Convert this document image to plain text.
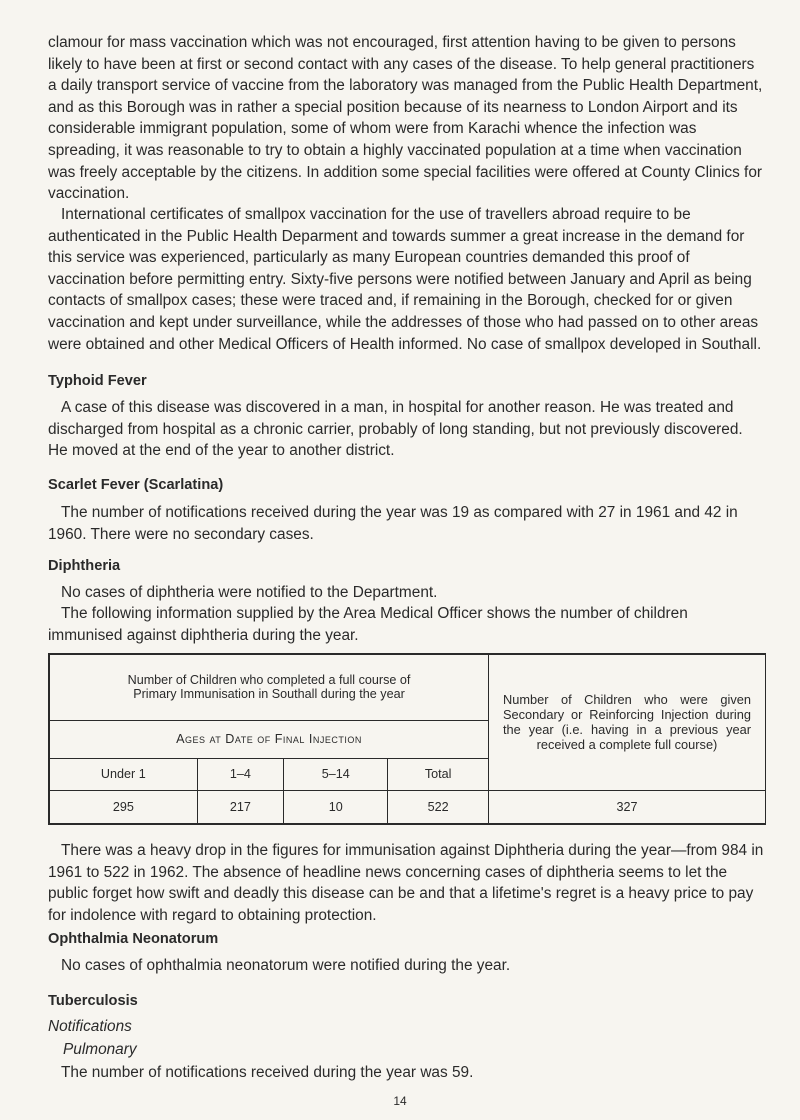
clamour for mass vaccination which was not encouraged, first attention having to be given to persons likely to have been at first or second contact with any cases of the disease. To help general practitioners a daily transport service of vaccine from the laboratory was managed from the Public Health Department, and as this Borough was in rather a special position because of its nearness to London Airport and its considerable immigrant population, some of whom were from Karachi whence the infection was spreading, it was reasonable to try to obtain a highly vaccinated population at a time when vaccination was freely acceptable by the citizens. In addition some special facilities were offered at County Clinics for vaccination.

International certificates of smallpox vaccination for the use of travellers abroad require to be authenticated in the Public Health Deparment and towards summer a great increase in the demand for this service was experienced, particularly as many European countries demanded this proof of vaccination before permitting entry. Sixty-five persons were notified between January and April as being contacts of smallpox cases; these were traced and, if remaining in the Borough, checked for or given vaccination and kept under surveillance, while the addresses of those who had passed on to other areas were obtained and other Medical Officers of Health informed. No case of smallpox developed in Southall.

Typhoid Fever

A case of this disease was discovered in a man, in hospital for another reason. He was treated and discharged from hospital as a chronic carrier, probably of long standing, but not previously discovered. He moved at the end of the year to another district.

Scarlet Fever (Scarlatina)

The number of notifications received during the year was 19 as compared with 27 in 1961 and 42 in 1960. There were no secondary cases.

Diphtheria

No cases of diphtheria were notified to the Department.

The following information supplied by the Area Medical Officer shows the number of children immunised against diphtheria during the year.

Number of Children who completed a full course of Primary Immunisation in Southall during the year				Number of Children who were given Secondary or Reinforcing Injection during the year (i.e. having in a previous year received a complete full course)
Ages at Date of Final Injection				
Under 1	1–4	5–14	Total	
295	217	10	522	327

There was a heavy drop in the figures for immunisation against Diphtheria during the year—from 984 in 1961 to 522 in 1962. The absence of headline news concerning cases of diphtheria seems to let the public forget how swift and deadly this disease can be and that a lifetime's regret is a heavy price to pay for indolence with regard to obtaining protection.

Ophthalmia Neonatorum

No cases of ophthalmia neonatorum were notified during the year.

Tuberculosis

Notifications

Pulmonary

The number of notifications received during the year was 59.

14
